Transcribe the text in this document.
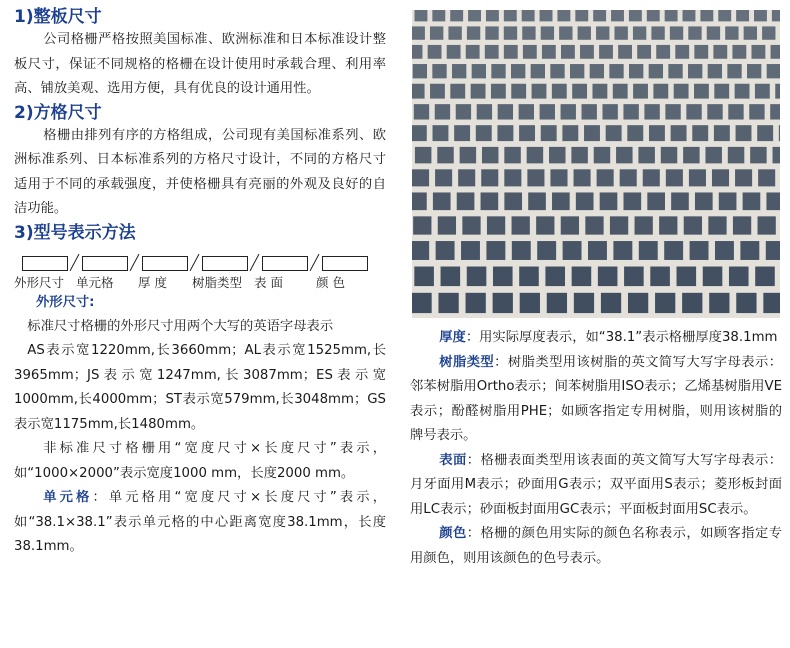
1)整板尺寸

公司格栅严格按照美国标准、欧洲标准和日本标准设计整板尺寸，保证不同规格的格栅在设计使用时承载合理、利用率高、铺放美观、选用方便，具有优良的设计通用性。

2)方格尺寸

格栅由排列有序的方格组成，公司现有美国标准系列、欧洲标准系列、日本标准系列的方格尺寸设计，不同的方格尺寸适用于不同的承载强度，并使格栅具有亮丽的外观及良好的自洁功能。

3)型号表示方法
外形尺寸 单元格	厚 度	树脂类型 表 面	颜 色

外形尺寸:

标准尺寸格栅的外形尺寸用两个大写的英语字母表示

AS表示宽1220mm,长3660mm；AL表示宽1525mm,长3965mm；JS表示宽1247mm,长3087mm；ES表示宽1000mm,长4000mm；ST表示宽579mm,长3048mm；GS表示宽1175mm,长1480mm。

非标准尺寸格栅用“宽度尺寸×长度尺寸”表示，如“1000×2000”表示宽度1000 mm，长度2000 mm。

单元格：单元格用“宽度尺寸×长度尺寸”表示，如“38.1×38.1”表示单元格的中心距离宽度38.1mm，长度38.1mm。

厚度：用实际厚度表示，如“38.1”表示格栅厚度38.1mm

树脂类型：树脂类型用该树脂的英文简写大写字母表示：邻苯树脂用Ortho表示；间苯树脂用ISO表示；乙烯基树脂用VE表示；酚醛树脂用PHE；如顾客指定专用树脂，则用该树脂的牌号表示。

表面：格栅表面类型用该表面的英文简写大写字母表示：月牙面用M表示；砂面用G表示；双平面用S表示；菱形板封面用LC表示；砂面板封面用GC表示；平面板封面用SC表示。

颜色：格栅的颜色用实际的颜色名称表示，如顾客指定专用颜色，则用该颜色的色号表示。
